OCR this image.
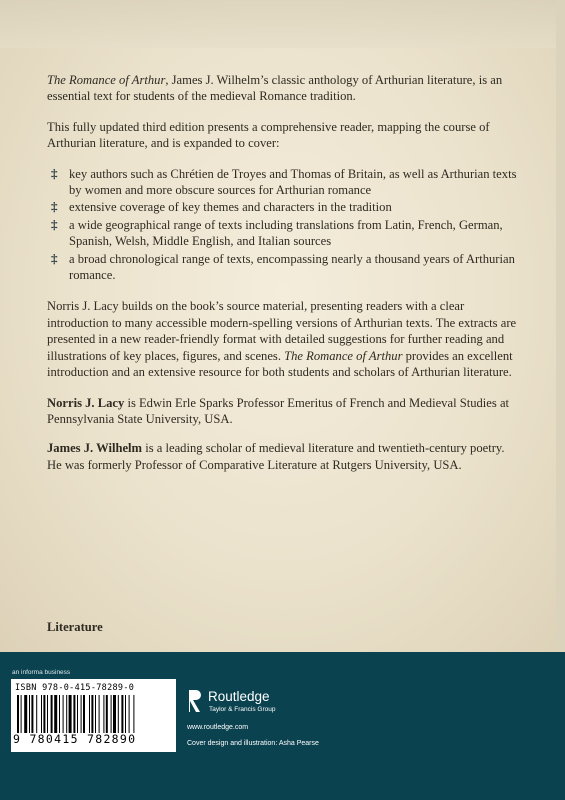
The Romance of Arthur, James J. Wilhelm’s classic anthology of Arthurian literature, is an essential text for students of the medieval Romance tradition.

This fully updated third edition presents a comprehensive reader, mapping the course of Arthurian literature, and is expanded to cover:

‡ key authors such as Chrétien de Troyes and Thomas of Britain, as well as Arthurian texts by women and more obscure sources for Arthurian romance
‡ extensive coverage of key themes and characters in the tradition
‡ a wide geographical range of texts including translations from Latin, French, German, Spanish, Welsh, Middle English, and Italian sources
‡ a broad chronological range of texts, encompassing nearly a thousand years of Arthurian romance.

Norris J. Lacy builds on the book’s source material, presenting readers with a clear introduction to many accessible modern-spelling versions of Arthurian texts. The extracts are presented in a new reader-friendly format with detailed suggestions for further reading and illustrations of key places, figures, and scenes. The Romance of Arthur provides an excellent introduction and an extensive resource for both students and scholars of Arthurian literature.

Norris J. Lacy is Edwin Erle Sparks Professor Emeritus of French and Medieval Studies at Pennsylvania State University, USA.

James J. Wilhelm is a leading scholar of medieval literature and twentieth-century poetry. He was formerly Professor of Comparative Literature at Rutgers University, USA.

Literature
an informa business
ISBN 978-0-415-78289-0
9 780415 782890
Routledge
Taylor & Francis Group
www.routledge.com
Cover design and illustration: Asha Pearse
